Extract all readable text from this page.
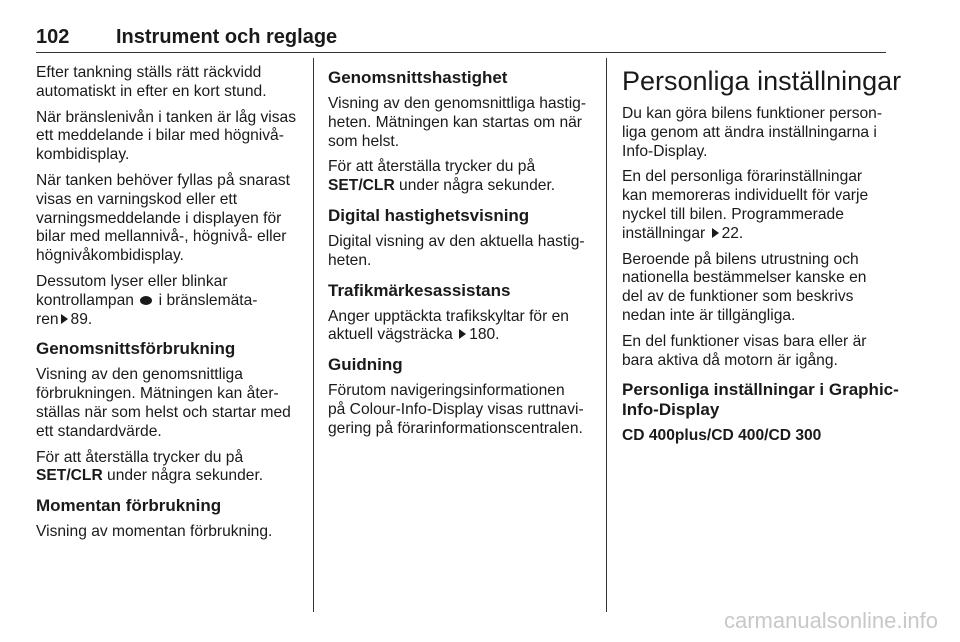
102 Instrument och reglage

Efter tankning ställs rätt räckvidd
automatiskt in efter en kort stund.

När bränslenivån i tanken är låg visas
ett meddelande i bilar med högnivå-
kombidisplay.

När tanken behöver fyllas på snarast
visas en varningskod eller ett
varningsmeddelande i displayen för
bilar med mellannivå-, högnivå- eller
högnivåkombidisplay.

Dessutom lyser eller blinkar
kontrollampan i bränslemäta-
ren 89.

Genomsnittsförbrukning

Visning av den genomsnittliga
förbrukningen. Mätningen kan åter-
ställas när som helst och startar med
ett standardvärde.

För att återställa trycker du på
SET/CLR under några sekunder.

Momentan förbrukning

Visning av momentan förbrukning.

Genomsnittshastighet

Visning av den genomsnittliga hastig-
heten. Mätningen kan startas om när
som helst.

För att återställa trycker du på
SET/CLR under några sekunder.

Digital hastighetsvisning

Digital visning av den aktuella hastig-
heten.

Trafikmärkesassistans

Anger upptäckta trafikskyltar för en
aktuell vägsträcka 180.

Guidning

Förutom navigeringsinformationen
på Colour-Info-Display visas ruttnavi-
gering på förarinformationscentralen.

Personliga inställningar

Du kan göra bilens funktioner person-
liga genom att ändra inställningarna i
Info-Display.

En del personliga förarinställningar
kan memoreras individuellt för varje
nyckel till bilen. Programmerade
inställningar 22.

Beroende på bilens utrustning och
nationella bestämmelser kanske en
del av de funktioner som beskrivs
nedan inte är tillgängliga.

En del funktioner visas bara eller är
bara aktiva då motorn är igång.

Personliga inställningar i Graphic-
Info-Display
CD 400plus/CD 400/CD 300
carmanualsonline.info
